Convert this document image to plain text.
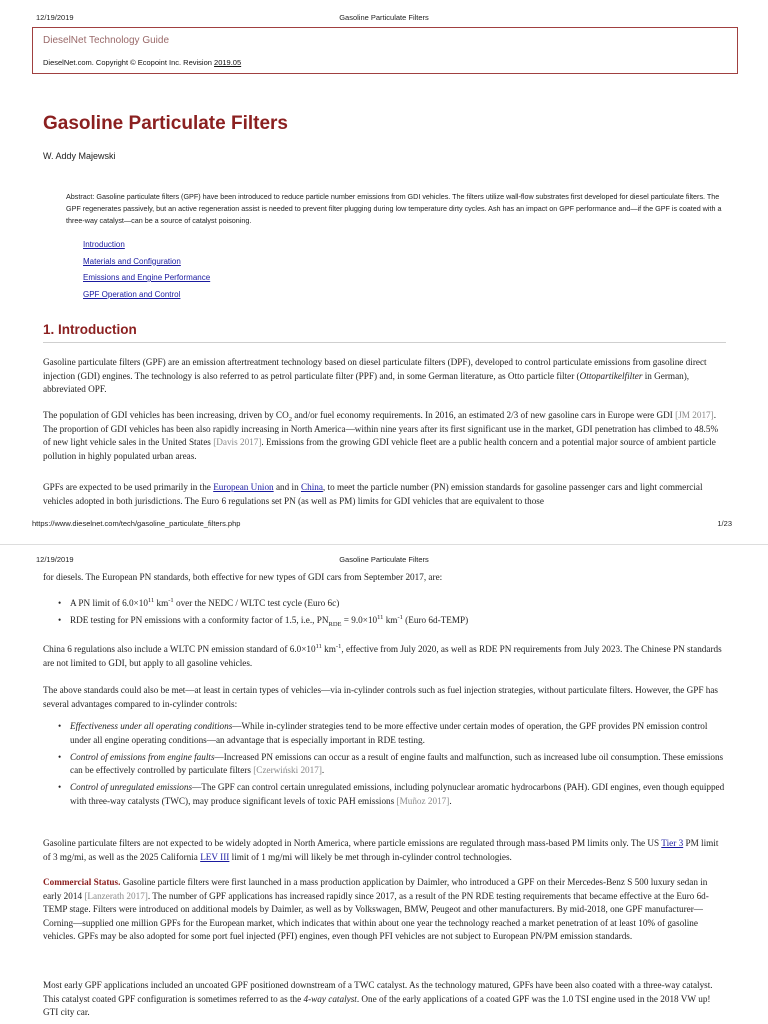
12/19/2019	Gasoline Particulate Filters
DieselNet Technology Guide
DieselNet.com. Copyright © Ecopoint Inc. Revision 2019.05
Gasoline Particulate Filters
W. Addy Majewski
Abstract: Gasoline particulate filters (GPF) have been introduced to reduce particle number emissions from GDI vehicles. The filters utilize wall-flow substrates first developed for diesel particulate filters. The GPF regenerates passively, but an active regeneration assist is needed to prevent filter plugging during low temperature dirty cycles. Ash has an impact on GPF performance and—if the GPF is coated with a three-way catalyst—can be a source of catalyst poisoning.
Introduction
Materials and Configuration
Emissions and Engine Performance
GPF Operation and Control
1. Introduction

Gasoline particulate filters (GPF) are an emission aftertreatment technology based on diesel particulate filters (DPF), developed to control particulate emissions from gasoline direct injection (GDI) engines. The technology is also referred to as petrol particulate filter (PPF) and, in some German literature, as Otto particle filter (Ottopartikelfilter in German), abbreviated OPF.

The population of GDI vehicles has been increasing, driven by $CO_2$ and/or fuel economy requirements. In 2016, an estimated 2/3 of new gasoline cars in Europe were GDI [JM 2017]. The proportion of GDI vehicles has been also rapidly increasing in North America—within nine years after its first significant use in the market, GDI penetration has climbed to 48.5% of new light vehicle sales in the United States [Davis 2017]. Emissions from the growing GDI vehicle fleet are a public health concern and a potential major source of ambient particle pollution in highly populated urban areas.

GPFs are expected to be used primarily in the European Union and in China, to meet the particle number (PN) emission standards for gasoline passenger cars and light commercial vehicles adopted in both jurisdictions. The Euro 6 regulations set PN (as well as PM) limits for GDI vehicles that are equivalent to those

https://www.dieselnet.com/tech/gasoline_particulate_filters.php	1/23
12/19/2019	Gasoline Particulate Filters

for diesels. The European PN standards, both effective for new types of GDI cars from September 2017, are:

• A PN limit of $6.0\times 10^{11}$ $km^{-1}$ over the NEDC / WLTC test cycle (Euro 6c)
• RDE testing for PN emissions with a conformity factor of 1.5, i.e., $PN_{RDE} = 9.0\times 10^{11}$ $km^{-1}$ (Euro 6d-TEMP)

China 6 regulations also include a WLTC PN emission standard of $6.0\times 10^{11}$ $km^{-1}$, effective from July 2020, as well as RDE PN requirements from July 2023. The Chinese PN standards are not limited to GDI, but apply to all gasoline vehicles.

The above standards could also be met—at least in certain types of vehicles—via in-cylinder controls such as fuel injection strategies, without particulate filters. However, the GPF has several advantages compared to in-cylinder controls:

• Effectiveness under all operating conditions—While in-cylinder strategies tend to be more effective under certain modes of operation, the GPF provides PN emission control under all engine operating conditions—an advantage that is especially important in RDE testing.
• Control of emissions from engine faults—Increased PN emissions can occur as a result of engine faults and malfunction, such as increased lube oil consumption. These emissions can be effectively controlled by particulate filters [Czerwiński 2017].
• Control of unregulated emissions—The GPF can control certain unregulated emissions, including polynuclear aromatic hydrocarbons (PAH). GDI engines, even though equipped with three-way catalysts (TWC), may produce significant levels of toxic PAH emissions [Muñoz 2017].

Gasoline particulate filters are not expected to be widely adopted in North America, where particle emissions are regulated through mass-based PM limits only. The US Tier 3 PM limit of 3 mg/mi, as well as the 2025 California LEV III limit of 1 mg/mi will likely be met through in-cylinder control technologies.

Commercial Status. Gasoline particle filters were first launched in a mass production application by Daimler, who introduced a GPF on their Mercedes-Benz S 500 luxury sedan in early 2014 [Lanzerath 2017]. The number of GPF applications has increased rapidly since 2017, as a result of the PN RDE testing requirements that became effective at the Euro 6d-TEMP stage. Filters were introduced on additional models by Daimler, as well as by Volkswagen, BMW, Peugeot and other manufacturers. By mid-2018, one GPF manufacturer—Corning—supplied one million GPFs for the European market, which indicates that within about one year the technology reached a market penetration of at least 10% of gasoline vehicles. GPFs may be also adopted for some port fuel injected (PFI) engines, even though PFI vehicles are not subject to European PN/PM emission standards.

Most early GPF applications included an uncoated GPF positioned downstream of a TWC catalyst. As the technology matured, GPFs have been also coated with a three-way catalyst. This catalyst coated GPF configuration is sometimes referred to as the 4-way catalyst. One of the early applications of a coated GPF was the 1.0 TSI engine used in the 2018 VW up! GTI city car.
